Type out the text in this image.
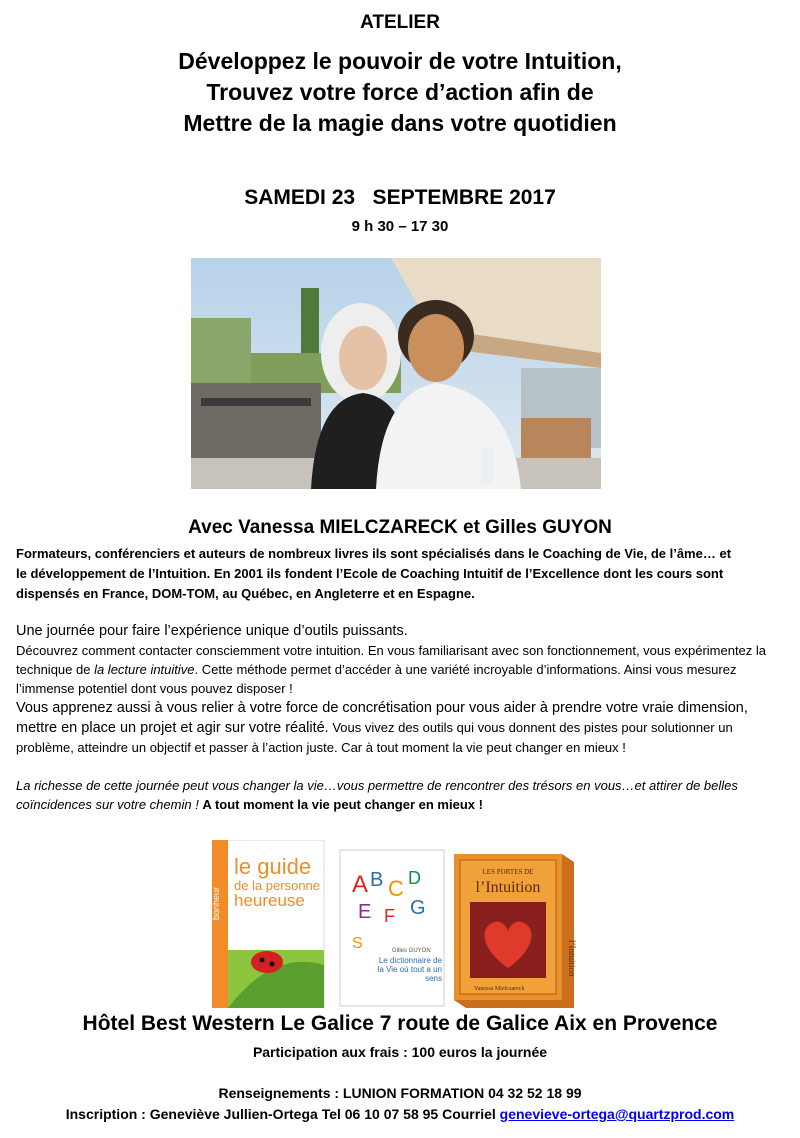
ATELIER
Développez le pouvoir de votre Intuition,
Trouvez votre force d’action afin de
Mettre de la magie dans votre quotidien
SAMEDI 23   SEPTEMBRE 2017
9 h 30 – 17 30
Avec Vanessa MIELCZARECK et Gilles GUYON
Formateurs, conférenciers et auteurs de nombreux livres ils sont spécialisés dans le Coaching de Vie, de l’âme… et
le développement de l’Intuition. En 2001 ils fondent l’Ecole de Coaching Intuitif de l’Excellence dont les cours sont
dispensés en France, DOM-TOM, au Québec, en Angleterre et en Espagne.

Une journée pour faire l’expérience unique d’outils puissants.

Découvrez comment contacter consciemment votre intuition. En vous familiarisant avec son fonctionnement, vous expérimentez la technique de la lecture intuitive. Cette méthode permet d’accéder à une variété incroyable d’informations. Ainsi vous mesurez l’immense potentiel dont vous pouvez disposer !

Vous apprenez aussi à vous relier à votre force de concrétisation pour vous aider à prendre votre vraie dimension, mettre en place un projet et agir sur votre réalité. Vous vivez des outils qui vous donnent des pistes pour solutionner un problème, atteindre un objectif et passer à l’action juste. Car à tout moment la vie peut changer en mieux !

La richesse de cette journée peut vous changer la vie…vous permettre de rencontrer des trésors en vous…et attirer de belles coïncidences sur votre chemin ! A tout moment la vie peut changer en mieux !

bonheur
le guide
de la personne
heureuse
A B C D
E F G
S	Gilles GUYON
Le dictionnaire de la Vie où tout a un sens
LES PORTES DE
l’Intuition
Vanessa Mielczareck
l’Intuition
Hôtel Best Western Le Galice 7 route de Galice Aix en Provence
Participation aux frais : 100 euros la journée
Renseignements : LUNION FORMATION 04 32 52 18 99
Inscription : Geneviève Jullien-Ortega Tel 06 10 07 58 95 Courriel genevieve-ortega@quartzprod.com
